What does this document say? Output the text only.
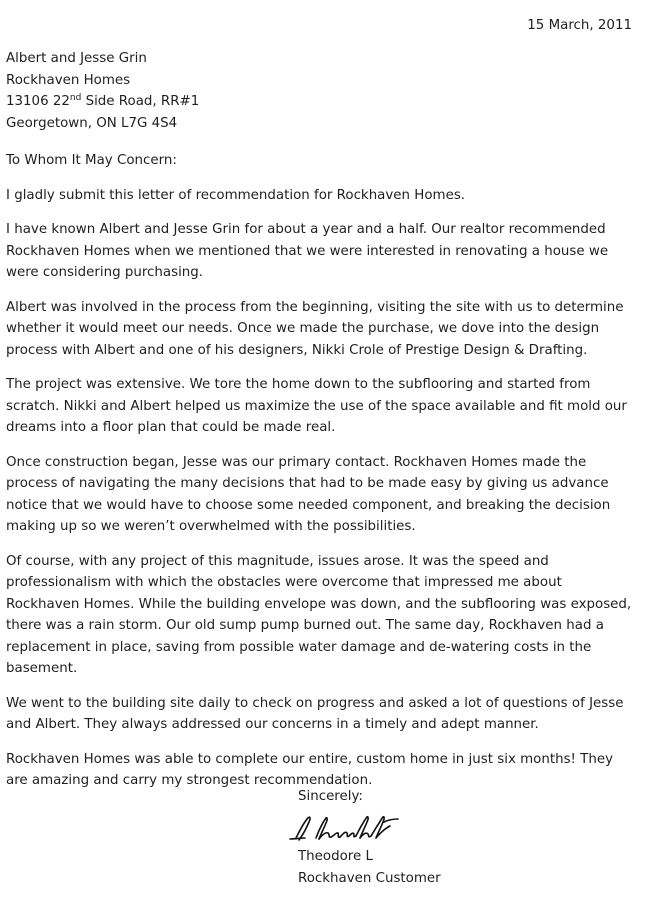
15 March, 2011
Albert and Jesse Grin
Rockhaven Homes
13106 22nd Side Road, RR#1
Georgetown, ON L7G 4S4

To Whom It May Concern:

I gladly submit this letter of recommendation for Rockhaven Homes.

I have known Albert and Jesse Grin for about a year and a half. Our realtor recommended Rockhaven Homes when we mentioned that we were interested in renovating a house we were considering purchasing.

Albert was involved in the process from the beginning, visiting the site with us to determine whether it would meet our needs. Once we made the purchase, we dove into the design process with Albert and one of his designers, Nikki Crole of Prestige Design & Drafting.

The project was extensive. We tore the home down to the subflooring and started from scratch. Nikki and Albert helped us maximize the use of the space available and fit mold our dreams into a floor plan that could be made real.

Once construction began, Jesse was our primary contact. Rockhaven Homes made the process of navigating the many decisions that had to be made easy by giving us advance notice that we would have to choose some needed component, and breaking the decision making up so we weren’t overwhelmed with the possibilities.

Of course, with any project of this magnitude, issues arose. It was the speed and professionalism with which the obstacles were overcome that impressed me about Rockhaven Homes. While the building envelope was down, and the subflooring was exposed, there was a rain storm. Our old sump pump burned out. The same day, Rockhaven had a replacement in place, saving from possible water damage and de-watering costs in the basement.

We went to the building site daily to check on progress and asked a lot of questions of Jesse and Albert. They always addressed our concerns in a timely and adept manner.

Rockhaven Homes was able to complete our entire, custom home in just six months! They are amazing and carry my strongest recommendation.

Sincerely:
Theodore L
Rockhaven Customer
